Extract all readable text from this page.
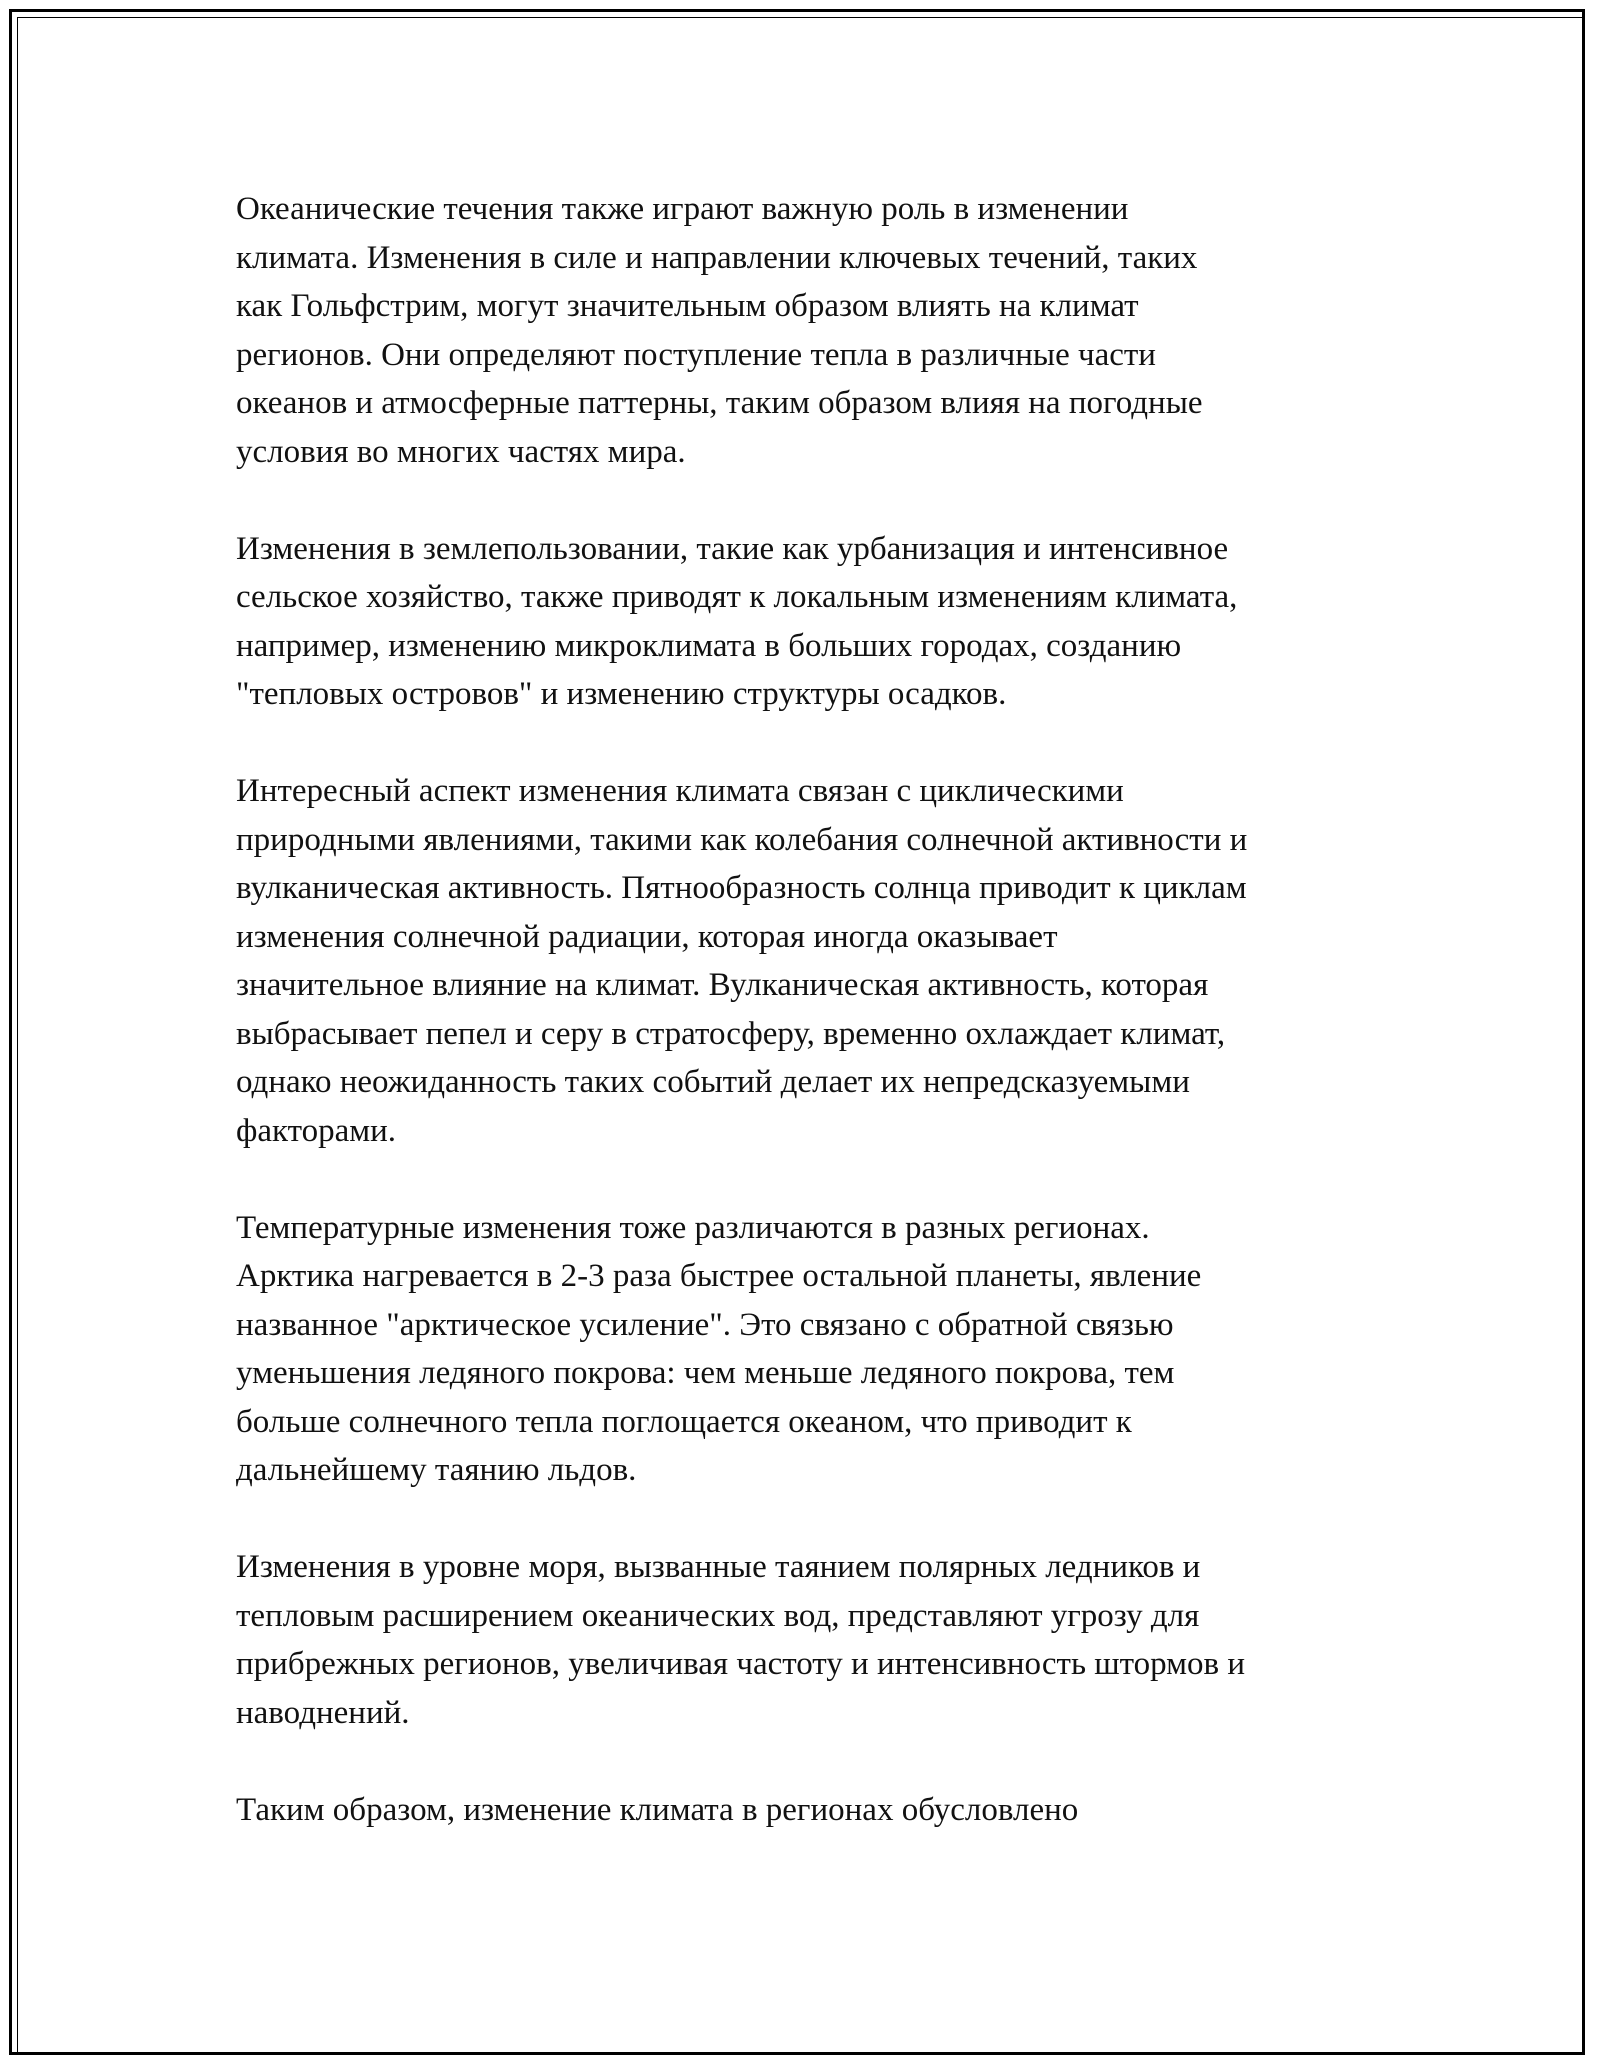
Океанические течения также играют важную роль в изменении
климата. Изменения в силе и направлении ключевых течений, таких
как Гольфстрим, могут значительным образом влиять на климат
регионов. Они определяют поступление тепла в различные части
океанов и атмосферные паттерны, таким образом влияя на погодные
условия во многих частях мира.

Изменения в землепользовании, такие как урбанизация и интенсивное
сельское хозяйство, также приводят к локальным изменениям климата,
например, изменению микроклимата в больших городах, созданию
"тепловых островов" и изменению структуры осадков.

Интересный аспект изменения климата связан с циклическими
природными явлениями, такими как колебания солнечной активности и
вулканическая активность. Пятнообразность солнца приводит к циклам
изменения солнечной радиации, которая иногда оказывает
значительное влияние на климат. Вулканическая активность, которая
выбрасывает пепел и серу в стратосферу, временно охлаждает климат,
однако неожиданность таких событий делает их непредсказуемыми
факторами.

Температурные изменения тоже различаются в разных регионах.
Арктика нагревается в 2-3 раза быстрее остальной планеты, явление
названное "арктическое усиление". Это связано с обратной связью
уменьшения ледяного покрова: чем меньше ледяного покрова, тем
больше солнечного тепла поглощается океаном, что приводит к
дальнейшему таянию льдов.

Изменения в уровне моря, вызванные таянием полярных ледников и
тепловым расширением океанических вод, представляют угрозу для
прибрежных регионов, увеличивая частоту и интенсивность штормов и
наводнений.

Таким образом, изменение климата в регионах обусловлено
